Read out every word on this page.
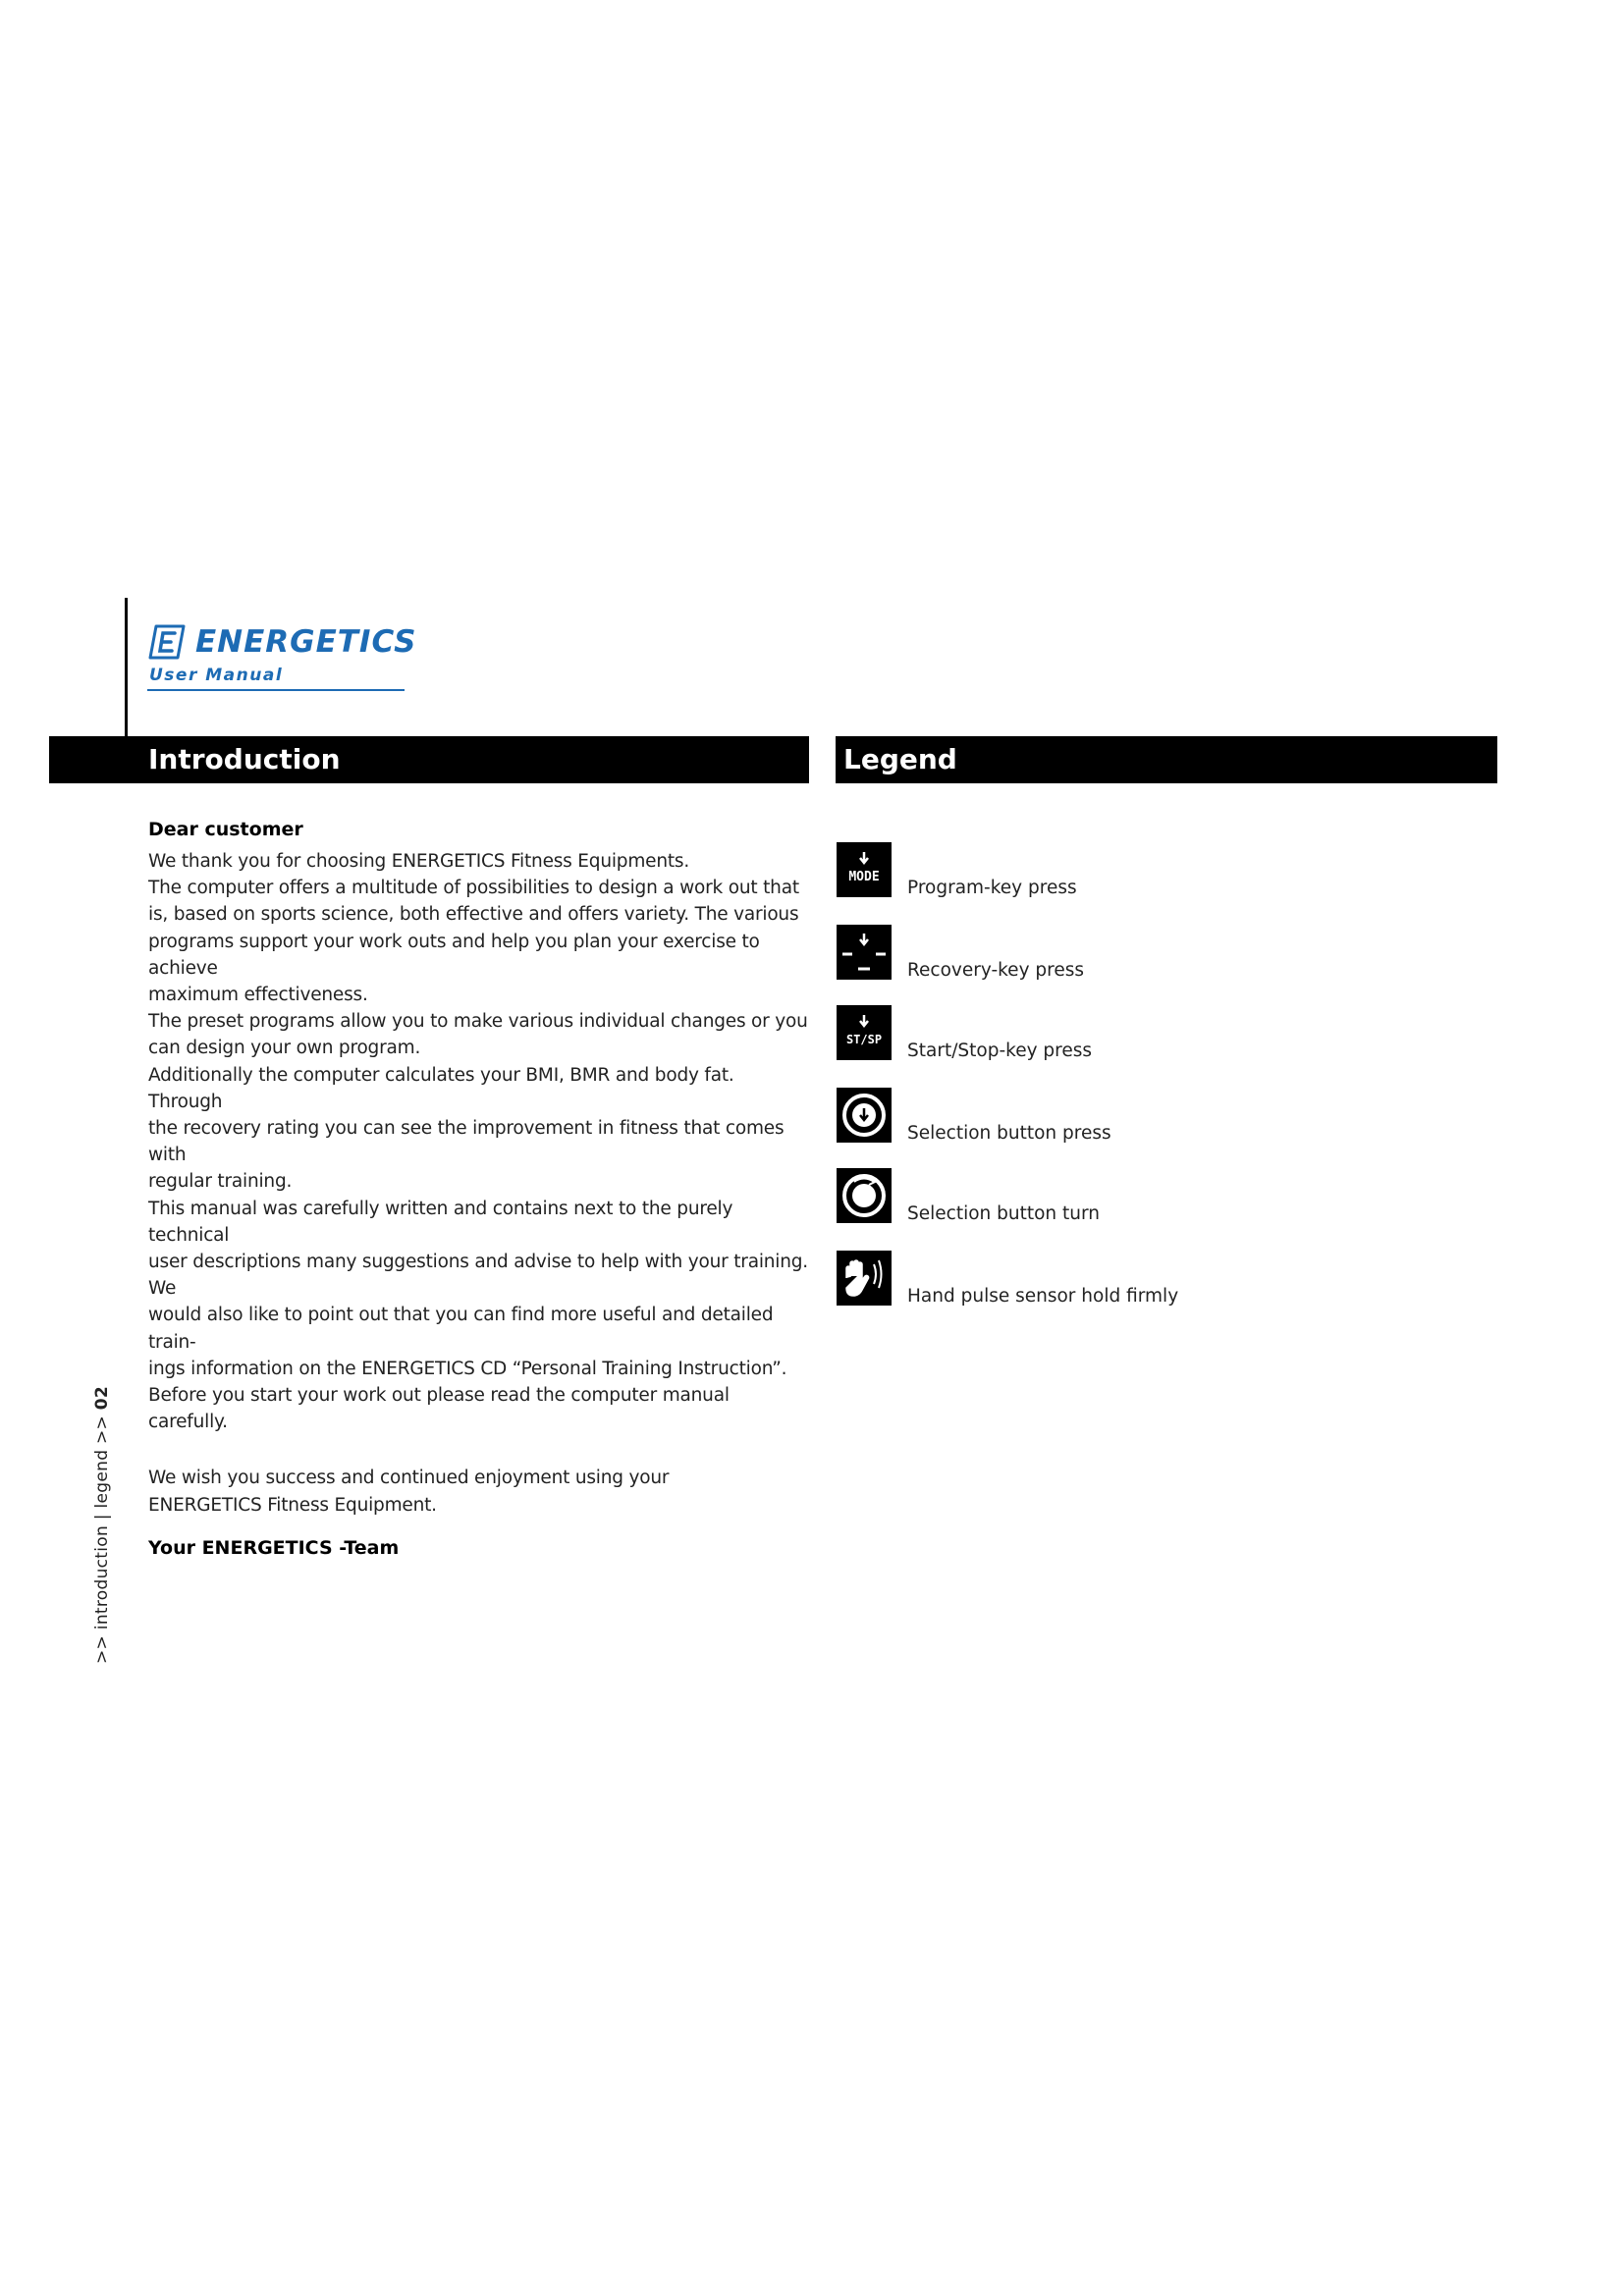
ENERGETICS
User Manual
Introduction	Legend

Dear customer

We thank you for choosing ENERGETICS Fitness Equipments.

The computer offers a multitude of possibilities to design a work out that

is, based on sports science, both effective and offers variety. The various

programs support your work outs and help you plan your exercise to achieve

maximum effectiveness.

The preset programs allow you to make various individual changes or you

can design your own program.

Additionally the computer calculates your BMI, BMR and body fat. Through

the recovery rating you can see the improvement in fitness that comes with

regular training.

This manual was carefully written and contains next to the purely technical

user descriptions many suggestions and advise to help with your training. We

would also like to point out that you can find more useful and detailed train-

ings information on the ENERGETICS CD “Personal Training Instruction”.

Before you start your work out please read the computer manual carefully.

We wish you success and continued enjoyment using your

ENERGETICS Fitness Equipment.

Your ENERGETICS -Team

MODE
Program-key press
Recovery-key press
ST/SP
Start/Stop-key press
Selection button press
Selection button turn
Hand pulse sensor hold firmly
>> introduction | legend >> 02
